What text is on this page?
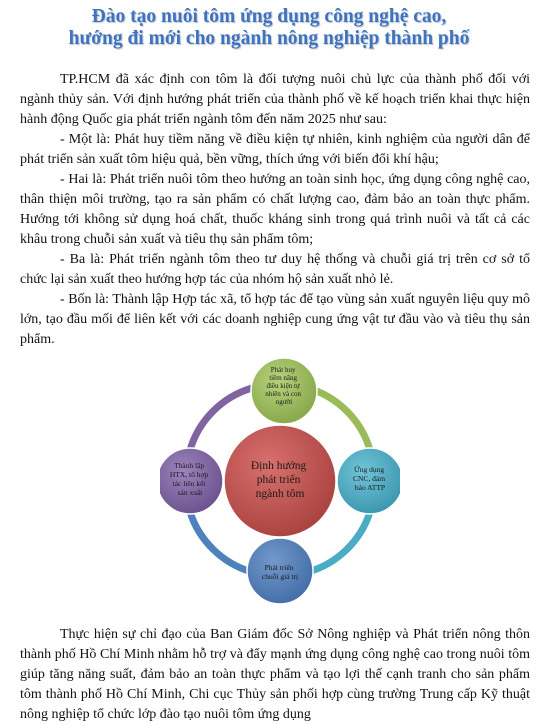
Đào tạo nuôi tôm ứng dụng công nghệ cao,
hướng đi mới cho ngành nông nghiệp thành phố

TP.HCM đã xác định con tôm là đối tượng nuôi chủ lực của thành phố đối với ngành thủy sản. Với định hướng phát triển của thành phố về kế hoạch triển khai thực hiện hành động Quốc gia phát triển ngành tôm đến năm 2025 như sau:

- Một là: Phát huy tiềm năng về điều kiện tự nhiên, kinh nghiệm của người dân để phát triển sản xuất tôm hiệu quả, bền vững, thích ứng với biến đổi khí hậu;

- Hai là: Phát triển nuôi tôm theo hướng an toàn sinh học, ứng dụng công nghệ cao, thân thiện môi trường, tạo ra sản phẩm có chất lượng cao, đảm bảo an toàn thực phẩm. Hướng tới không sử dụng hoá chất, thuốc kháng sinh trong quá trình nuôi và tất cả các khâu trong chuỗi sản xuất và tiêu thụ sản phẩm tôm;

- Ba là: Phát triển ngành tôm theo tư duy hệ thống và chuỗi giá trị trên cơ sở tổ chức lại sản xuất theo hướng hợp tác của nhóm hộ sản xuất nhỏ lẻ.

- Bốn là: Thành lập Hợp tác xã, tổ hợp tác để tạo vùng sản xuất nguyên liệu quy mô lớn, tạo đầu mối để liên kết với các doanh nghiệp cung ứng vật tư đầu vào và tiêu thụ sản phẩm.

Định hướng phát triển ngành tôm
Phát huy tiềm năng điều kiện tự nhiên và con người
Ứng dụng CNC, đảm bảo ATTP
Phát triển chuỗi giá trị
Thành lập HTX, tổ hợp tác liên kết sản xuất

Thực hiện sự chỉ đạo của Ban Giám đốc Sở Nông nghiệp và Phát triển nông thôn thành phố Hồ Chí Minh nhằm hỗ trợ và đẩy mạnh ứng dụng công nghệ cao trong nuôi tôm giúp tăng năng suất, đảm bảo an toàn thực phẩm và tạo lợi thế cạnh tranh cho sản phẩm tôm thành phố Hồ Chí Minh, Chi cục Thủy sản phối hợp cùng trường Trung cấp Kỹ thuật nông nghiệp tổ chức lớp đào tạo nuôi tôm ứng dụng
